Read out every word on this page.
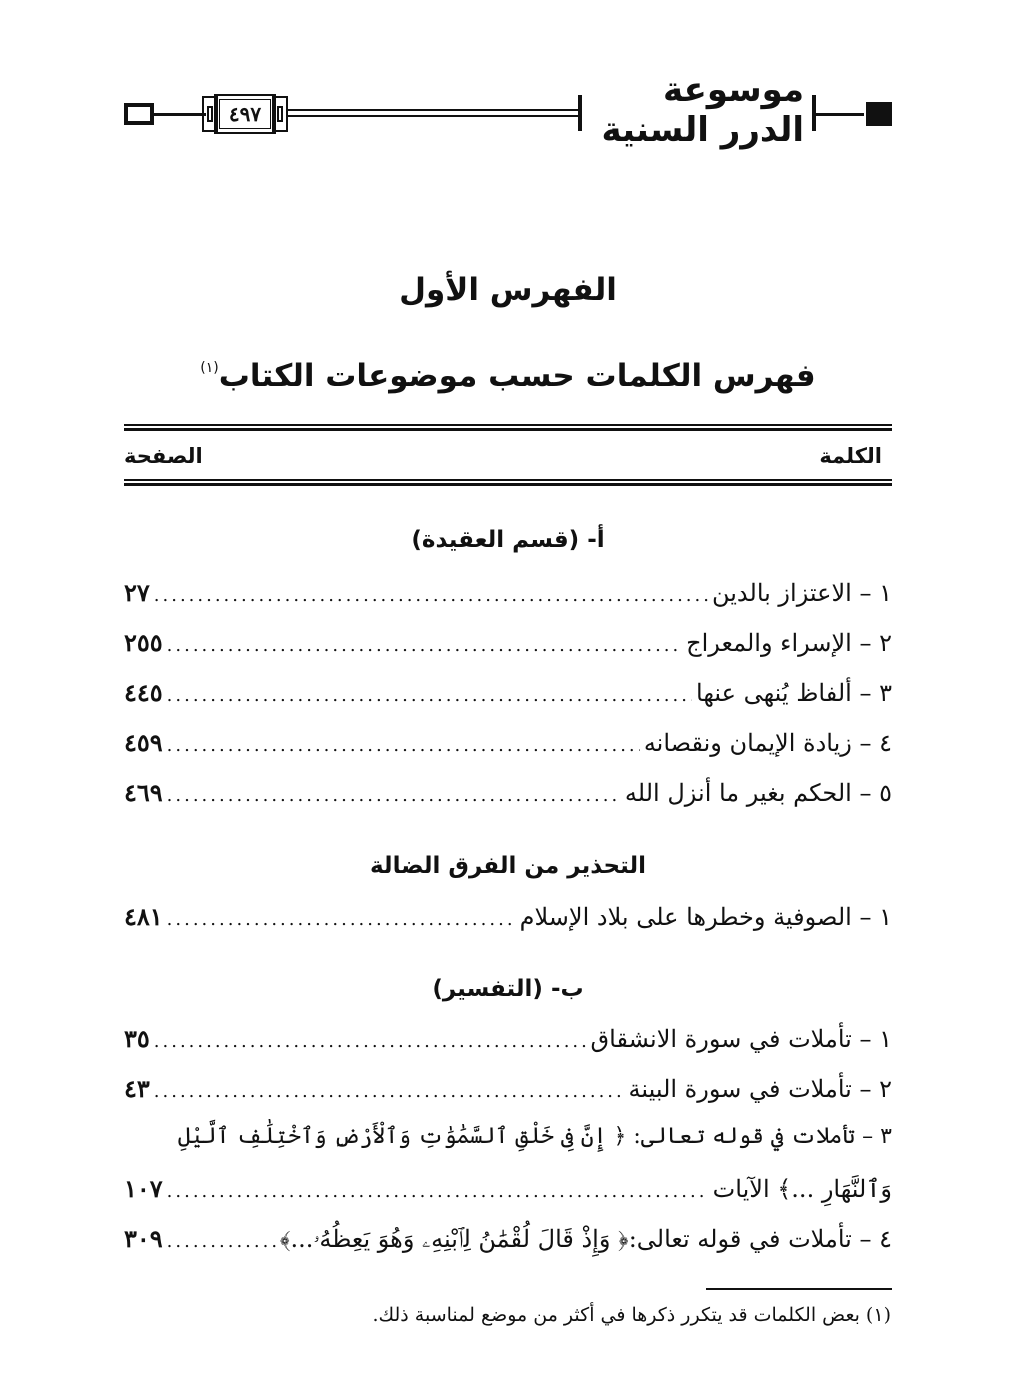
٤٩٧
موسوعة الدرر السنية
الفهرس الأول
فهرس الكلمات حسب موضوعات الكتاب$^{(١)}$
الكلمة
الصفحة
أ- (قسم العقيدة)
١ – الاعتزاز بالدين
.....
٢٧
٢ – الإسراء والمعراج
.....
٢٥٥
٣ – ألفاظ يُنهى عنها
.....
٤٤٥
٤ – زيادة الإيمان ونقصانه
.....
٤٥٩
٥ – الحكم بغير ما أنزل الله
.....
٤٦٩
التحذير من الفرق الضالة
١ – الصوفية وخطرها على بلاد الإسلام
.....
٤٨١
ب- (التفسير)
١ – تأملات في سورة الانشقاق
.....
٣٥
٢ – تأملات في سورة البينة
.....
٤٣
٣ – تأملات في قوله تعالى: ﴿ إِنَّ فِى خَلْقِ ٱلسَّمَٰوَٰتِ وَٱلْأَرْضِ وَٱخْتِلَٰفِ ٱلَّيْلِ
وَٱلنَّهَارِ ...﴾ الآيات
.....
١٠٧
٤ – تأملات في قوله تعالى:﴿ وَإِذْ قَالَ لُقْمَٰنُ لِٱبْنِهِۦ وَهُوَ يَعِظُهُۥ...﴾
.....
٣٠٩
(١) بعض الكلمات قد يتكرر ذكرها في أكثر من موضع لمناسبة ذلك.
